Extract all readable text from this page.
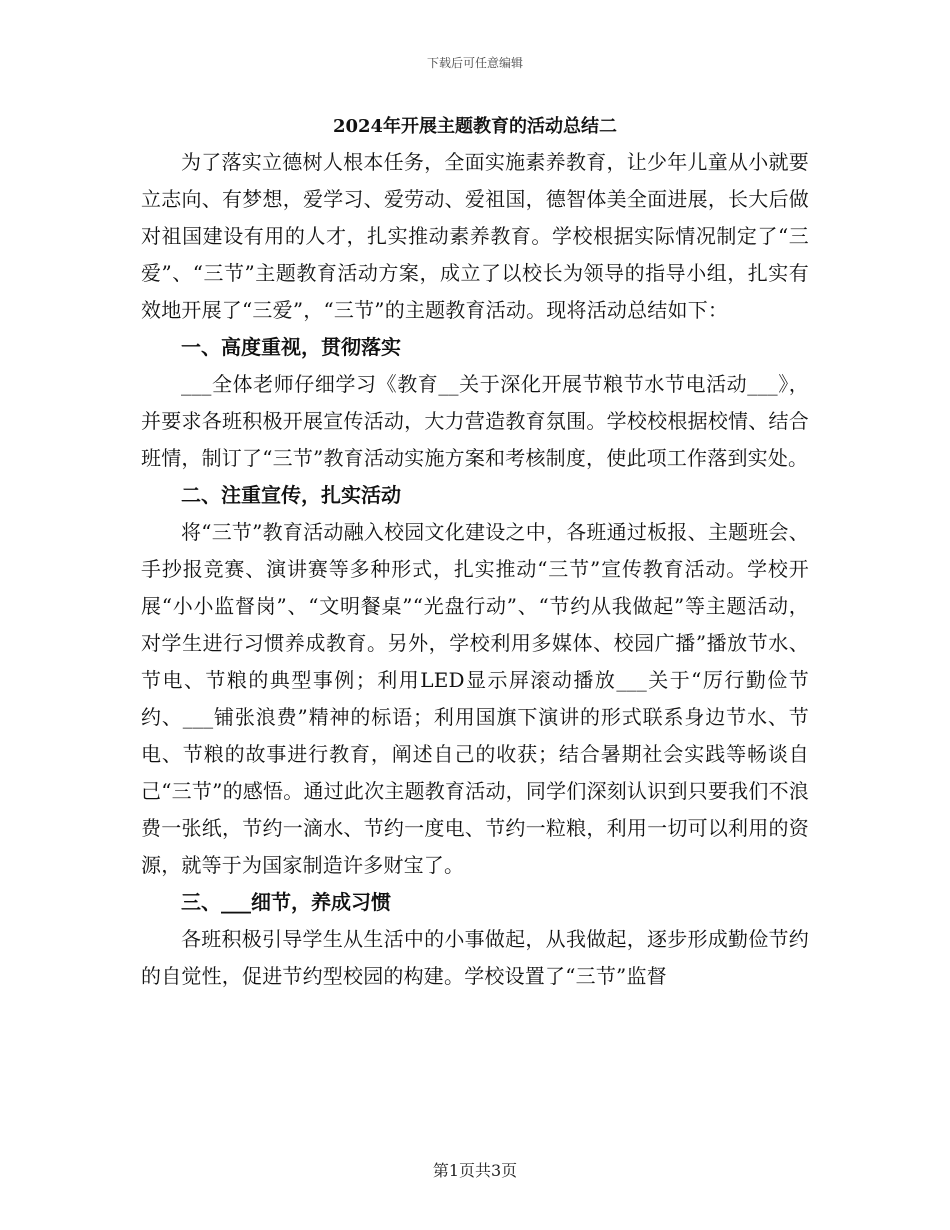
下载后可任意编辑
2024年开展主题教育的活动总结二

为了落实立德树人根本任务，全面实施素养教育，让少年儿童从小就要立志向、有梦想，爱学习、爱劳动、爱祖国，德智体美全面进展，长大后做对祖国建设有用的人才，扎实推动素养教育。学校根据实际情况制定了“三爱”、“三节”主题教育活动方案，成立了以校长为领导的指导小组，扎实有效地开展了“三爱”，“三节”的主题教育活动。现将活动总结如下：

一、高度重视，贯彻落实

___全体老师仔细学习《教育__关于深化开展节粮节水节电活动___》，并要求各班积极开展宣传活动，大力营造教育氛围。学校校根据校情、结合班情，制订了“三节”教育活动实施方案和考核制度，使此项工作落到实处。

二、注重宣传，扎实活动

将“三节”教育活动融入校园文化建设之中，各班通过板报、主题班会、手抄报竞赛、演讲赛等多种形式，扎实推动“三节”宣传教育活动。学校开展“小小监督岗”、“文明餐桌”“光盘行动”、“节约从我做起”等主题活动，对学生进行习惯养成教育。另外，学校利用多媒体、校园广播”播放节水、节电、节粮的典型事例；利用LED显示屏滚动播放___关于“厉行勤俭节约、___铺张浪费”精神的标语；利用国旗下演讲的形式联系身边节水、节电、节粮的故事进行教育，阐述自己的收获；结合暑期社会实践等畅谈自己“三节”的感悟。通过此次主题教育活动，同学们深刻认识到只要我们不浪费一张纸，节约一滴水、节约一度电、节约一粒粮，利用一切可以利用的资源，就等于为国家制造许多财宝了。

三、___细节，养成习惯

各班积极引导学生从生活中的小事做起，从我做起，逐步形成勤俭节约的自觉性，促进节约型校园的构建。学校设置了“三节”监督

第1页共3页
